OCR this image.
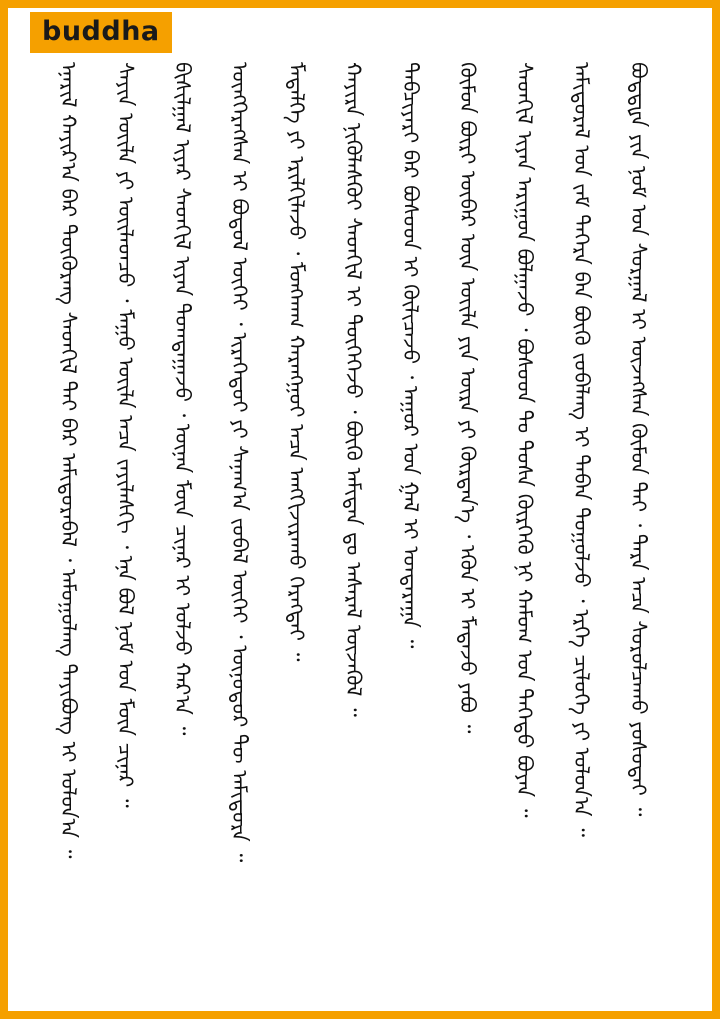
buddha
ᠪᠤᠳ᠋ᠳ᠋ᠾᠠ ᠶᠢᠨ ᠨᠣᠮ ᠤᠨ ᠰᠤᠷᠭᠠᠯ ᠢ ᠦᠵᠡᠭᠰᠡᠨ ᠬᠦᠮᠦᠨ ᠲᠡᠢ ᠂ ᠲᠡᠷᠡ ᠠᠴᠠ ᠰᠤᠷᠤᠯᠴᠠᠬᠤ ᠶᠣᠰᠣᠲᠠᠢ ᠃
ᠠᠮᠢᠳᠤᠷᠠᠯ ᠤᠨ ᠵᠠᠮ ᠳᠡᠭᠡᠷᠡ ᠪᠡᠨ ᠪᠦᠬᠦ ᠵᠣᠪᠠᠯᠠᠩ ᠢ ᠳᠠᠪᠠᠨ ᠲᠤᠭᠤᠯᠵᠤ ᠂ ᠡᠷᠬᠡ ᠴᠢᠯᠦᠭᠡ ᠶᠢ ᠣᠯᠤᠨ᠎ᠠ ᠃
ᠰᠡᠳᠬᠢᠯ ᠢᠶᠡᠨ ᠠᠷᠢᠭᠤᠨ ᠪᠣᠯᠭᠠᠵᠤ ᠂ ᠪᠤᠰᠤᠳ ᠲᠤ ᠲᠤᠰᠠ ᠬᠦᠷᠭᠡᠬᠦ ᠨᠢ ᠬᠠᠮᠤᠭ ᠤᠨ ᠳᠡᠭᠡᠳᠦ ᠪᠤᠶᠠᠨ ᠃
ᠬᠦᠮᠦᠨ ᠪᠦᠷᠢ ᠥᠪᠡᠷ ᠦᠨ ᠦᠢᠯᠡ ᠶᠢᠨ ᠦᠷᠡ ᠶᠢ ᠬᠦᠷᠲᠡᠨ᠎ᠡ ᠂ ᠡᠭᠦᠨ ᠢ ᠮᠡᠳᠡᠵᠦ ᠶᠠᠪᠤ ᠃
ᠲᠡᠪᠴᠢᠶᠡᠷᠢ ᠪᠡᠷ ᠪᠤᠰᠤᠳ ᠢ ᠬᠦᠯᠢᠴᠡᠵᠦ ᠂ ᠠᠭᠤᠷ ᠤᠨ ᠭᠠᠯ ᠢ ᠤᠨᠲᠠᠷᠠᠭᠠ ᠃
ᠬᠠᠶᠢᠷᠠ ᠨᠢᠭᠦᠯᠡᠰᠬᠦᠢ ᠰᠡᠳᠬᠢᠯ ᠢ ᠲᠦᠭᠡᠭᠡᠵᠦ ᠂ ᠪᠦᠬᠦ ᠠᠮᠢᠲᠠᠨ ᠳᠤ ᠠᠰᠠᠷᠠᠯ ᠦᠵᠡᠭᠦᠯ ᠃
ᠮᠡᠳᠡᠯᠭᠡ ᠶᠢ ᠡᠷᠢᠯᠬᠢᠯᠡᠵᠦ ᠂ ᠮᠤᠩᠬᠠᠭ ᠬᠠᠷᠠᠩᠭᠤᠢ ᠠᠴᠠ ᠠᠩᠭᠢᠵᠢᠷᠠᠬᠤ ᠬᠡᠷᠡᠭᠲᠡᠢ ᠃
ᠥᠩᠭᠡᠷᠡᠭᠰᠡᠨ ᠢ ᠪᠣᠳᠣᠯ ᠦᠭᠡᠢ ᠂ ᠢᠷᠡᠭᠡᠳᠦᠢ ᠶᠢ ᠰᠠᠨᠠᠭ᠎ᠠ ᠵᠣᠪᠠᠯ ᠦᠭᠡᠢ ᠂ ᠥᠨᠥᠳᠥᠷ ᠲᠦ ᠠᠮᠢᠳᠤᠷᠠ ᠃
ᠪᠢᠰᠢᠯᠭᠠᠯ ᠢᠶᠠᠷ ᠰᠡᠳᠬᠢᠯ ᠢᠶᠡᠨ ᠲᠣᠭᠲᠠᠭᠠᠵᠤ ᠂ ᠦᠨᠡᠨ ᠮᠥᠨ ᠴᠢᠨᠠᠷ ᠢ ᠣᠯᠵᠤ ᠬᠠᠷ᠎ᠠ ᠃
ᠰᠠᠶᠢᠨ ᠦᠢᠯᠡ ᠶᠢ ᠦᠢᠯᠡᠳᠴᠦ ᠂ ᠮᠠᠭᠤ ᠦᠢᠯᠡ ᠠᠴᠠ ᠵᠠᠶᠢᠯᠠᠰᠬᠢ ᠂ ᠡᠨᠡ ᠪᠣᠯ ᠨᠣᠮ ᠤᠨ ᠮᠥᠨ ᠴᠢᠨᠠᠷ ᠃
ᠡᠨᠡᠷᠢᠯ ᠬᠠᠶᠢᠷ᠎ᠠ ᠪᠠᠷ ᠳᠦᠭᠦᠷᠡᠩ ᠰᠡᠳᠬᠢᠯ ᠲᠡᠢ ᠪᠡᠷ ᠠᠮᠢᠳᠤᠷᠠᠪᠠᠯ ᠂ ᠠᠮᠤᠭᠤᠯᠠᠩ ᠲᠠᠶᠢᠪᠤᠩ ᠢ ᠣᠯᠤᠨ᠎ᠠ ᠃
